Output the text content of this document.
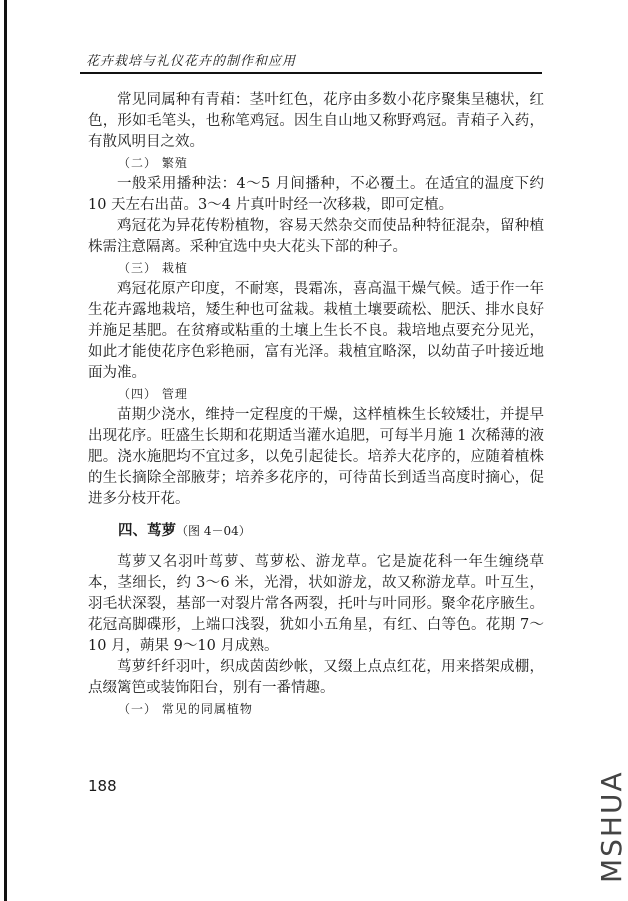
花卉栽培与礼仪花卉的制作和应用

常见同属种有青葙：茎叶红色，花序由多数小花序聚集呈穗状，红色，形如毛笔头，也称笔鸡冠。因生自山地又称野鸡冠。青葙子入药，有散风明目之效。

（二） 繁殖

一般采用播种法：4～5 月间播种，不必覆土。在适宜的温度下约 10 天左右出苗。3～4 片真叶时经一次移栽，即可定植。

鸡冠花为异花传粉植物，容易天然杂交而使品种特征混杂，留种植株需注意隔离。采种宜选中央大花头下部的种子。

（三） 栽植

鸡冠花原产印度，不耐寒，畏霜冻，喜高温干燥气候。适于作一年生花卉露地栽培，矮生种也可盆栽。栽植土壤要疏松、肥沃、排水良好并施足基肥。在贫瘠或粘重的土壤上生长不良。栽培地点要充分见光，如此才能使花序色彩艳丽，富有光泽。栽植宜略深，以幼苗子叶接近地面为准。

（四） 管理

苗期少浇水，维持一定程度的干燥，这样植株生长较矮壮，并提早出现花序。旺盛生长期和花期适当灌水追肥，可每半月施 1 次稀薄的液肥。浇水施肥均不宜过多，以免引起徒长。培养大花序的，应随着植株的生长摘除全部腋芽；培养多花序的，可待苗长到适当高度时摘心，促进多分枝开花。

四、茑萝（图 4－04）

茑萝又名羽叶茑萝、茑萝松、游龙草。它是旋花科一年生缠绕草本，茎细长，约 3～6 米，光滑，状如游龙，故又称游龙草。叶互生，羽毛状深裂，基部一对裂片常各两裂，托叶与叶同形。聚伞花序腋生。花冠高脚碟形，上端口浅裂，犹如小五角星，有红、白等色。花期 7～10 月，蒴果 9～10 月成熟。

茑萝纤纤羽叶，织成茵茵纱帐，又缀上点点红花，用来搭架成棚，点缀篱笆或装饰阳台，别有一番情趣。

（一） 常见的同属植物

188	MSHUA
